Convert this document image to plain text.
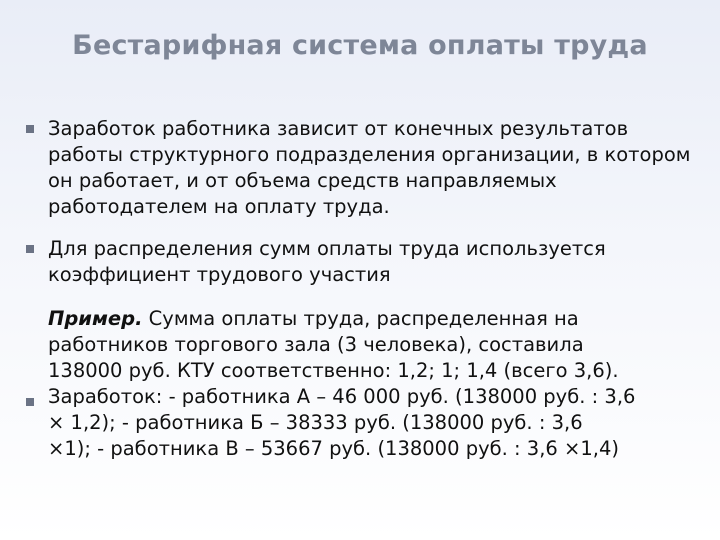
Бестарифная система оплаты труда
Заработок работника зависит от конечных результатов работы структурного подразделения организации, в котором он работает, и от объема средств направляемых работодателем на оплату труда.
Для распределения сумм оплаты труда используется коэффициент трудового участия
Пример. Сумма оплаты труда, распределенная на
работников торгового зала (3 человека), составила
138000 руб. КТУ соответственно: 1,2; 1; 1,4 (всего 3,6).
Заработок: - работника А – 46 000 руб. (138000 руб. : 3,6
× 1,2); - работника Б – 38333 руб. (138000 руб. : 3,6
×1); - работника В – 53667 руб. (138000 руб. : 3,6 ×1,4)
